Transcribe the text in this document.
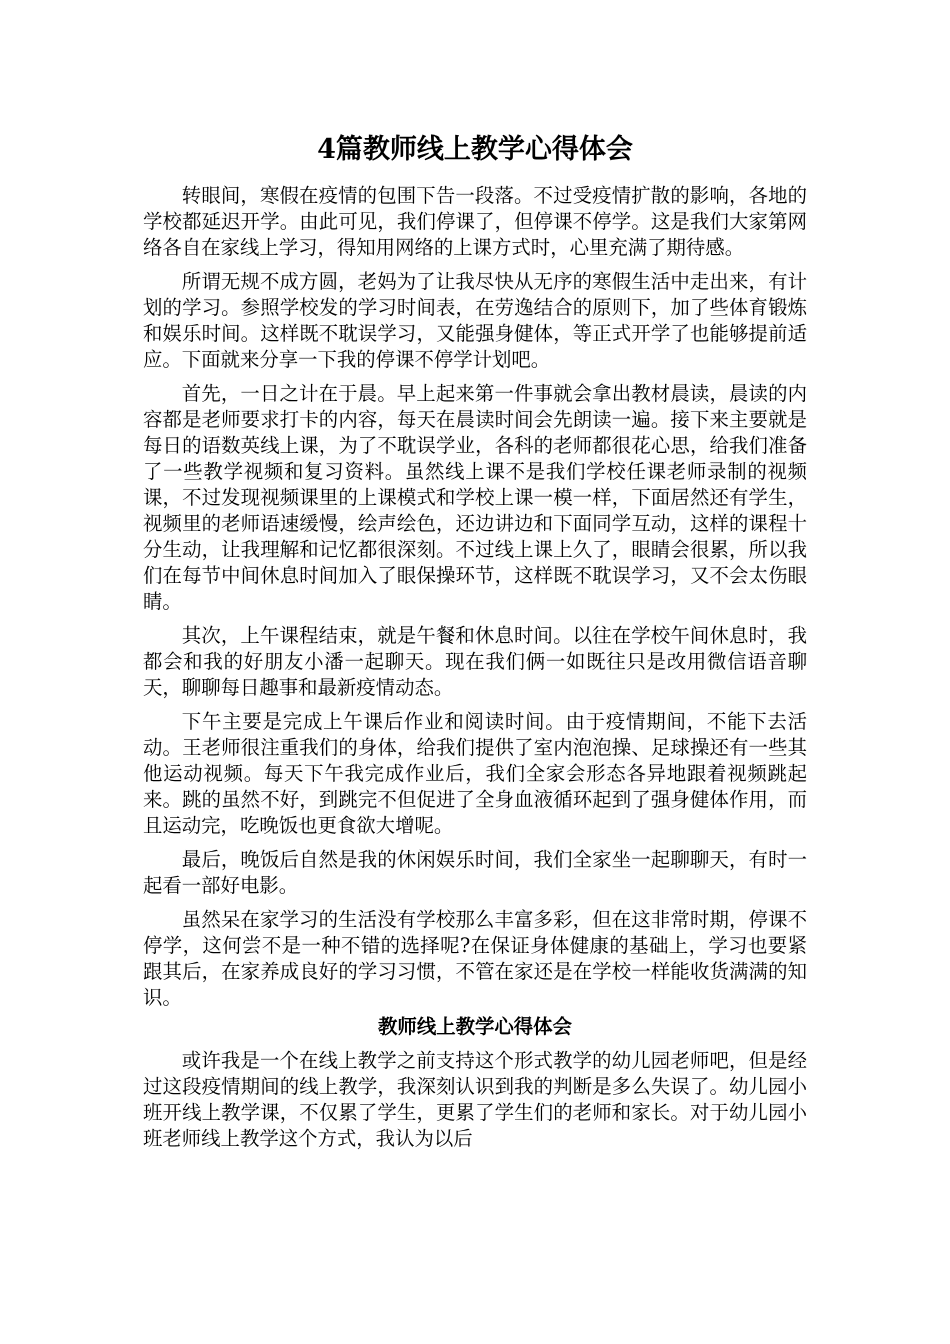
4篇教师线上教学心得体会

转眼间，寒假在疫情的包围下告一段落。不过受疫情扩散的影响，各地的学校都延迟开学。由此可见，我们停课了，但停课不停学。这是我们大家第网络各自在家线上学习，得知用网络的上课方式时，心里充满了期待感。

所谓无规不成方圆，老妈为了让我尽快从无序的寒假生活中走出来，有计划的学习。参照学校发的学习时间表，在劳逸结合的原则下，加了些体育锻炼和娱乐时间。这样既不耽误学习，又能强身健体，等正式开学了也能够提前适应。下面就来分享一下我的停课不停学计划吧。

首先，一日之计在于晨。早上起来第一件事就会拿出教材晨读，晨读的内容都是老师要求打卡的内容，每天在晨读时间会先朗读一遍。接下来主要就是每日的语数英线上课，为了不耽误学业，各科的老师都很花心思，给我们准备了一些教学视频和复习资料。虽然线上课不是我们学校任课老师录制的视频课，不过发现视频课里的上课模式和学校上课一模一样，下面居然还有学生，视频里的老师语速缓慢，绘声绘色，还边讲边和下面同学互动，这样的课程十分生动，让我理解和记忆都很深刻。不过线上课上久了，眼睛会很累，所以我们在每节中间休息时间加入了眼保操环节，这样既不耽误学习，又不会太伤眼睛。

其次，上午课程结束，就是午餐和休息时间。以往在学校午间休息时，我都会和我的好朋友小潘一起聊天。现在我们俩一如既往只是改用微信语音聊天，聊聊每日趣事和最新疫情动态。

下午主要是完成上午课后作业和阅读时间。由于疫情期间，不能下去活动。王老师很注重我们的身体，给我们提供了室内泡泡操、足球操还有一些其他运动视频。每天下午我完成作业后，我们全家会形态各异地跟着视频跳起来。跳的虽然不好，到跳完不但促进了全身血液循环起到了强身健体作用，而且运动完，吃晚饭也更食欲大增呢。

最后，晚饭后自然是我的休闲娱乐时间，我们全家坐一起聊聊天，有时一起看一部好电影。

虽然呆在家学习的生活没有学校那么丰富多彩，但在这非常时期，停课不停学，这何尝不是一种不错的选择呢?在保证身体健康的基础上，学习也要紧跟其后，在家养成良好的学习习惯，不管在家还是在学校一样能收货满满的知识。

教师线上教学心得体会

或许我是一个在线上教学之前支持这个形式教学的幼儿园老师吧，但是经过这段疫情期间的线上教学，我深刻认识到我的判断是多么失误了。幼儿园小班开线上教学课，不仅累了学生，更累了学生们的老师和家长。对于幼儿园小班老师线上教学这个方式，我认为以后
